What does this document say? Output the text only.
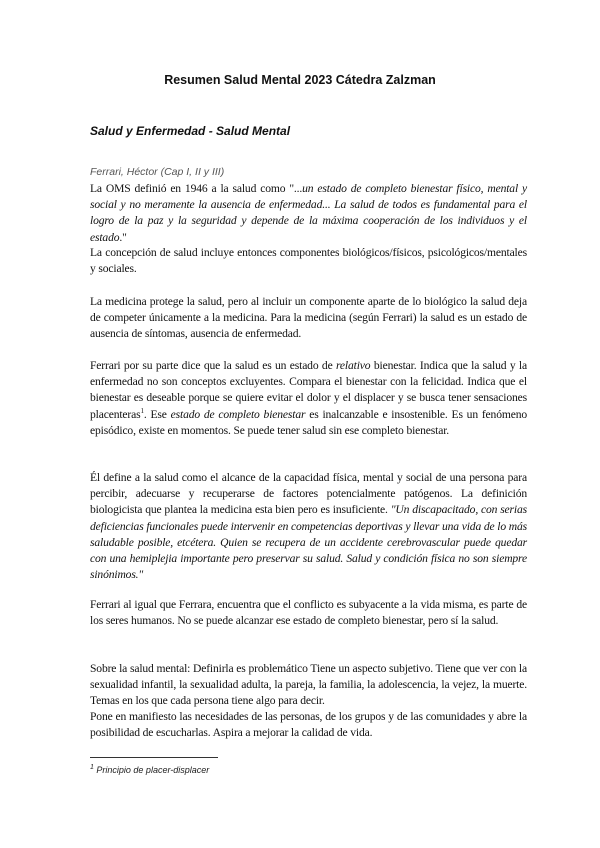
Resumen Salud Mental 2023 Cátedra Zalzman
Salud y Enfermedad - Salud Mental
Ferrari, Héctor (Cap I, II y III)
La OMS definió en 1946 a la salud como "...un estado de completo bienestar físico, mental y social y no meramente la ausencia de enfermedad... La salud de todos es fundamental para el logro de la paz y la seguridad y depende de la máxima cooperación de los individuos y el estado."
La concepción de salud incluye entonces componentes biológicos/físicos, psicológicos/mentales y sociales.
La medicina protege la salud, pero al incluir un componente aparte de lo biológico la salud deja de competer únicamente a la medicina. Para la medicina (según Ferrari) la salud es un estado de ausencia de síntomas, ausencia de enfermedad.
Ferrari por su parte dice que la salud es un estado de relativo bienestar. Indica que la salud y la enfermedad no son conceptos excluyentes. Compara el bienestar con la felicidad. Indica que el bienestar es deseable porque se quiere evitar el dolor y el displacer y se busca tener sensaciones placenteras$^1$. Ese estado de completo bienestar es inalcanzable e insostenible. Es un fenómeno episódico, existe en momentos. Se puede tener salud sin ese completo bienestar.
Él define a la salud como el alcance de la capacidad física, mental y social de una persona para percibir, adecuarse y recuperarse de factores potencialmente patógenos. La definición biologicista que plantea la medicina esta bien pero es insuficiente. "Un discapacitado, con serias deficiencias funcionales puede intervenir en competencias deportivas y llevar una vida de lo más saludable posible, etcétera. Quien se recupera de un accidente cerebrovascular puede quedar con una hemiplejia importante pero preservar su salud. Salud y condición física no son siempre sinónimos."
Ferrari al igual que Ferrara, encuentra que el conflicto es subyacente a la vida misma, es parte de los seres humanos. No se puede alcanzar ese estado de completo bienestar, pero sí la salud.
Sobre la salud mental: Definirla es problemático Tiene un aspecto subjetivo. Tiene que ver con la sexualidad infantil, la sexualidad adulta, la pareja, la familia, la adolescencia, la vejez, la muerte. Temas en los que cada persona tiene algo para decir.
Pone en manifiesto las necesidades de las personas, de los grupos y de las comunidades y abre la posibilidad de escucharlas. Aspira a mejorar la calidad de vida.
$^1$ Principio de placer-displacer
